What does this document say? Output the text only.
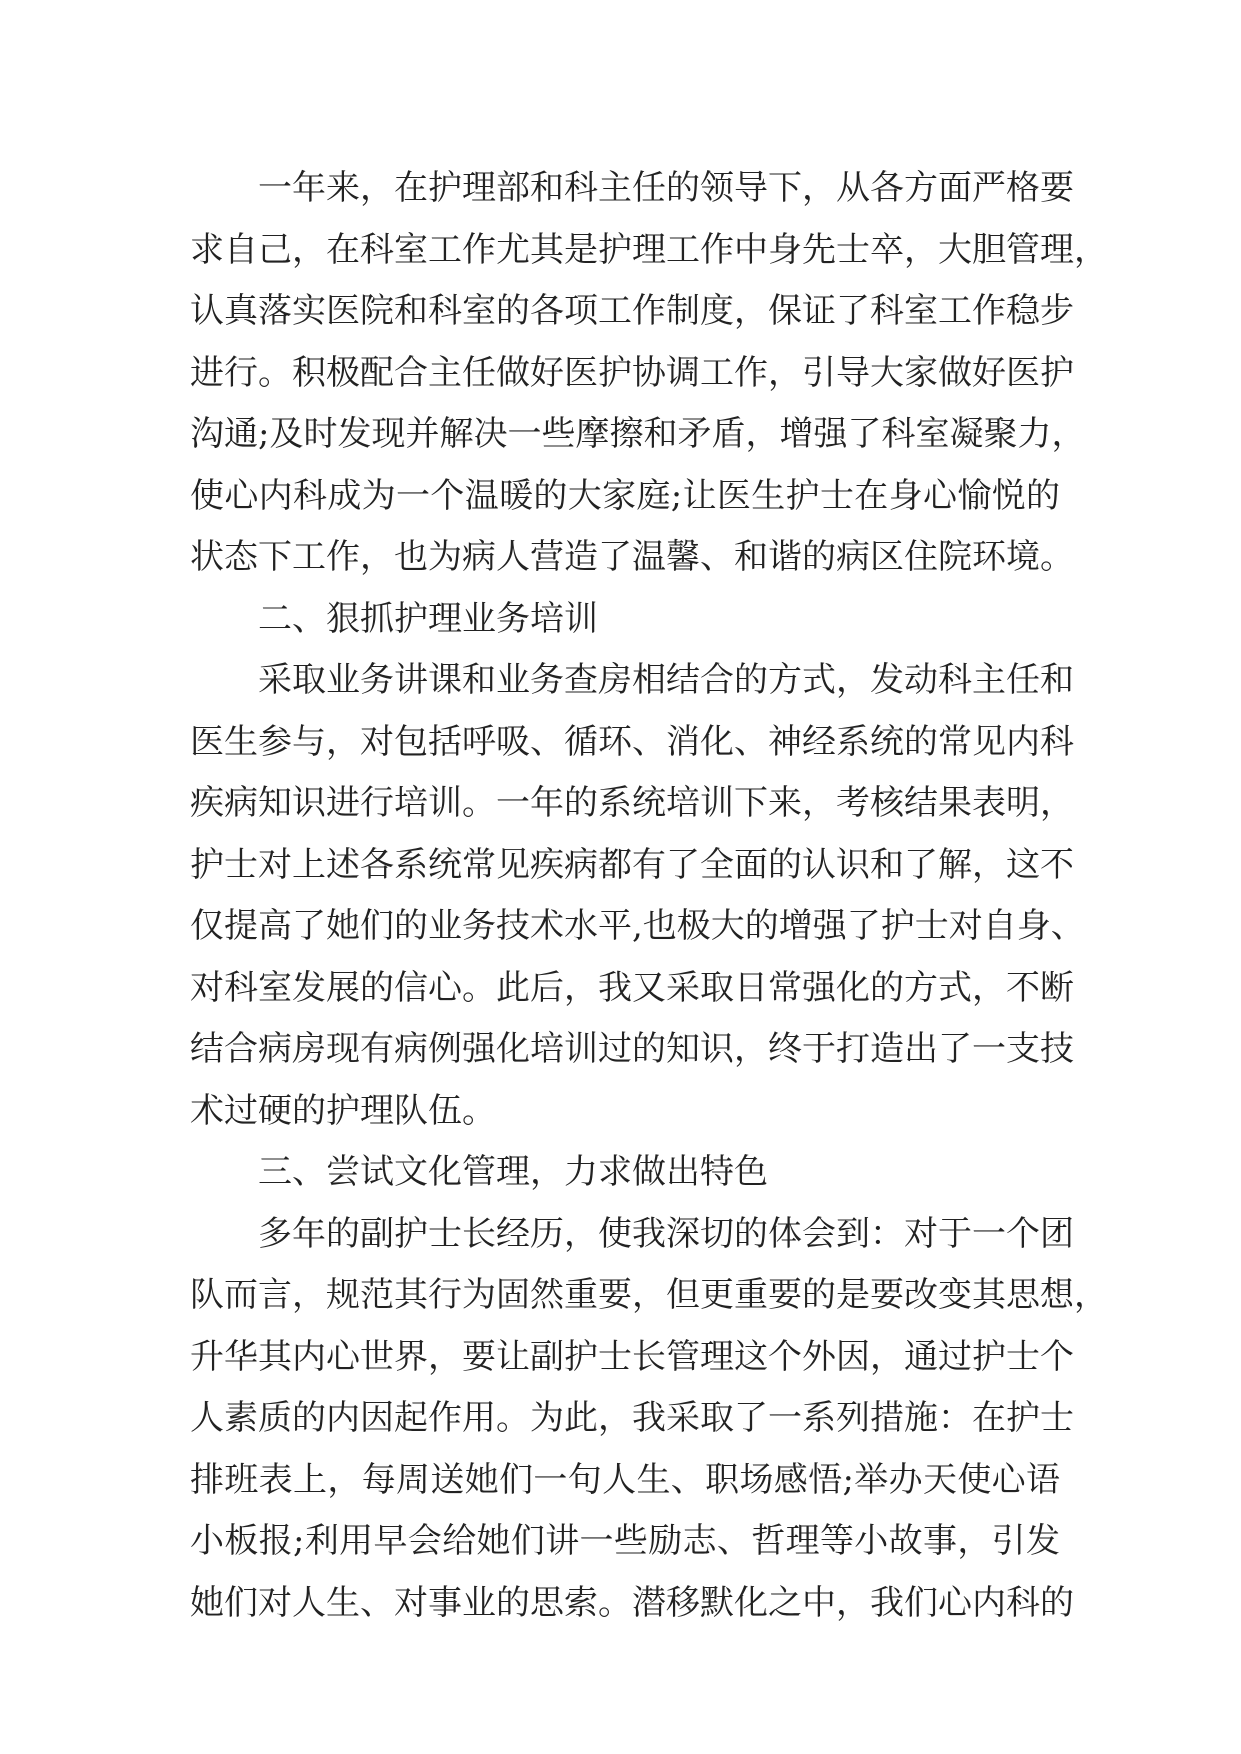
一年来，在护理部和科主任的领导下，从各方面严格要
求自己，在科室工作尤其是护理工作中身先士卒，大胆管理，
认真落实医院和科室的各项工作制度，保证了科室工作稳步
进行。积极配合主任做好医护协调工作，引导大家做好医护
沟通;及时发现并解决一些摩擦和矛盾，增强了科室凝聚力，
使心内科成为一个温暖的大家庭;让医生护士在身心愉悦的
状态下工作，也为病人营造了温馨、和谐的病区住院环境。
二、狠抓护理业务培训
采取业务讲课和业务查房相结合的方式，发动科主任和
医生参与，对包括呼吸、循环、消化、神经系统的常见内科
疾病知识进行培训。一年的系统培训下来，考核结果表明，
护士对上述各系统常见疾病都有了全面的认识和了解，这不
仅提高了她们的业务技术水平,也极大的增强了护士对自身、
对科室发展的信心。此后，我又采取日常强化的方式，不断
结合病房现有病例强化培训过的知识，终于打造出了一支技
术过硬的护理队伍。
三、尝试文化管理，力求做出特色
多年的副护士长经历，使我深切的体会到：对于一个团
队而言，规范其行为固然重要，但更重要的是要改变其思想，
升华其内心世界，要让副护士长管理这个外因，通过护士个
人素质的内因起作用。为此，我采取了一系列措施：在护士
排班表上，每周送她们一句人生、职场感悟;举办天使心语
小板报;利用早会给她们讲一些励志、哲理等小故事，引发
她们对人生、对事业的思索。潜移默化之中，我们心内科的
